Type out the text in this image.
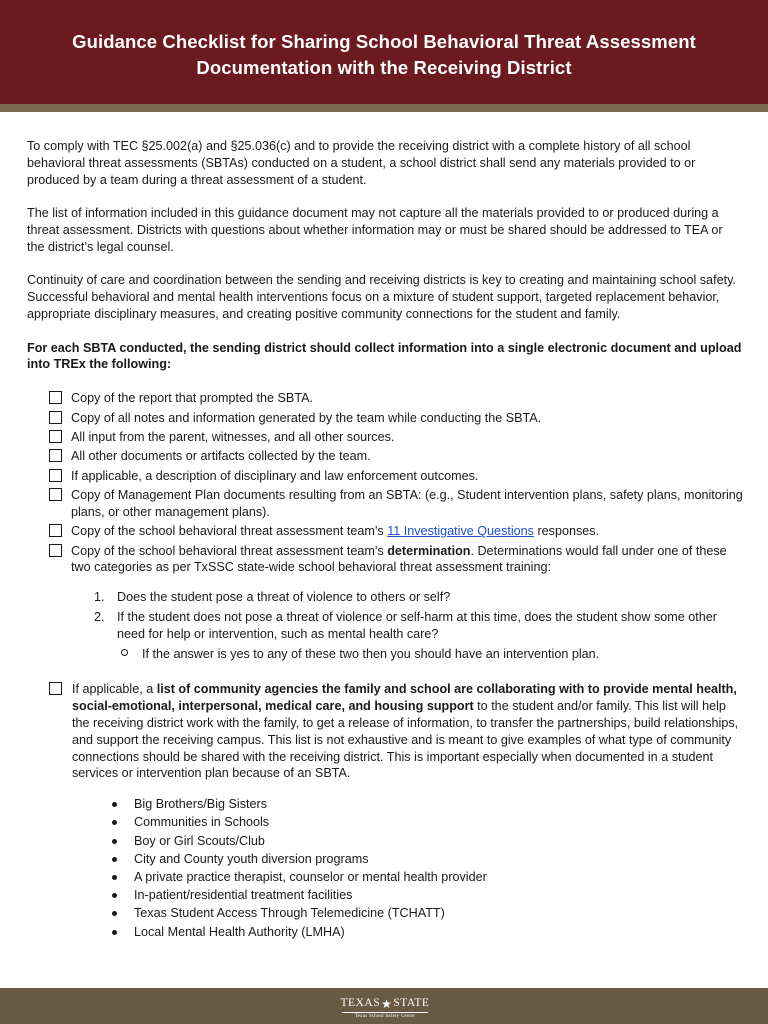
Guidance Checklist for Sharing School Behavioral Threat Assessment
Documentation with the Receiving District

To comply with TEC §25.002(a) and §25.036(c) and to provide the receiving district with a complete history of all school behavioral threat assessments (SBTAs) conducted on a student, a school district shall send any materials provided to or produced by a team during a threat assessment of a student.

The list of information included in this guidance document may not capture all the materials provided to or produced during a threat assessment. Districts with questions about whether information may or must be shared should be addressed to TEA or the district’s legal counsel.

Continuity of care and coordination between the sending and receiving districts is key to creating and maintaining school safety. Successful behavioral and mental health interventions focus on a mixture of student support, targeted replacement behavior, appropriate disciplinary measures, and creating positive community connections for the student and family.

For each SBTA conducted, the sending district should collect information into a single electronic document and upload into TREx the following:

Copy of the report that prompted the SBTA.
Copy of all notes and information generated by the team while conducting the SBTA.
All input from the parent, witnesses, and all other sources.
All other documents or artifacts collected by the team.
If applicable, a description of disciplinary and law enforcement outcomes.
Copy of Management Plan documents resulting from an SBTA: (e.g., Student intervention plans, safety plans, monitoring plans, or other management plans).
Copy of the school behavioral threat assessment team’s 11 Investigative Questions responses.
Copy of the school behavioral threat assessment team’s determination. Determinations would fall under one of these two categories as per TxSSC state-wide school behavioral threat assessment training:
1. Does the student pose a threat of violence to others or self?
2. If the student does not pose a threat of violence or self-harm at this time, does the student show some other need for help or intervention, such as mental health care?
If the answer is yes to any of these two then you should have an intervention plan.
If applicable, a list of community agencies the family and school are collaborating with to provide mental health, social-emotional, interpersonal, medical care, and housing support to the student and/or family. This list will help the receiving district work with the family, to get a release of information, to transfer the partnerships, build relationships, and support the receiving campus. This list is not exhaustive and is meant to give examples of what type of community connections should be shared with the receiving district. This is important especially when documented in a student services or intervention plan because of an SBTA.
Big Brothers/Big Sisters
Communities in Schools
Boy or Girl Scouts/Club
City and County youth diversion programs
A private practice therapist, counselor or mental health provider
In-patient/residential treatment facilities
Texas Student Access Through Telemedicine (TCHATT)
Local Mental Health Authority (LMHA)
TEXAS ★ STATE
Texas School Safety Center
